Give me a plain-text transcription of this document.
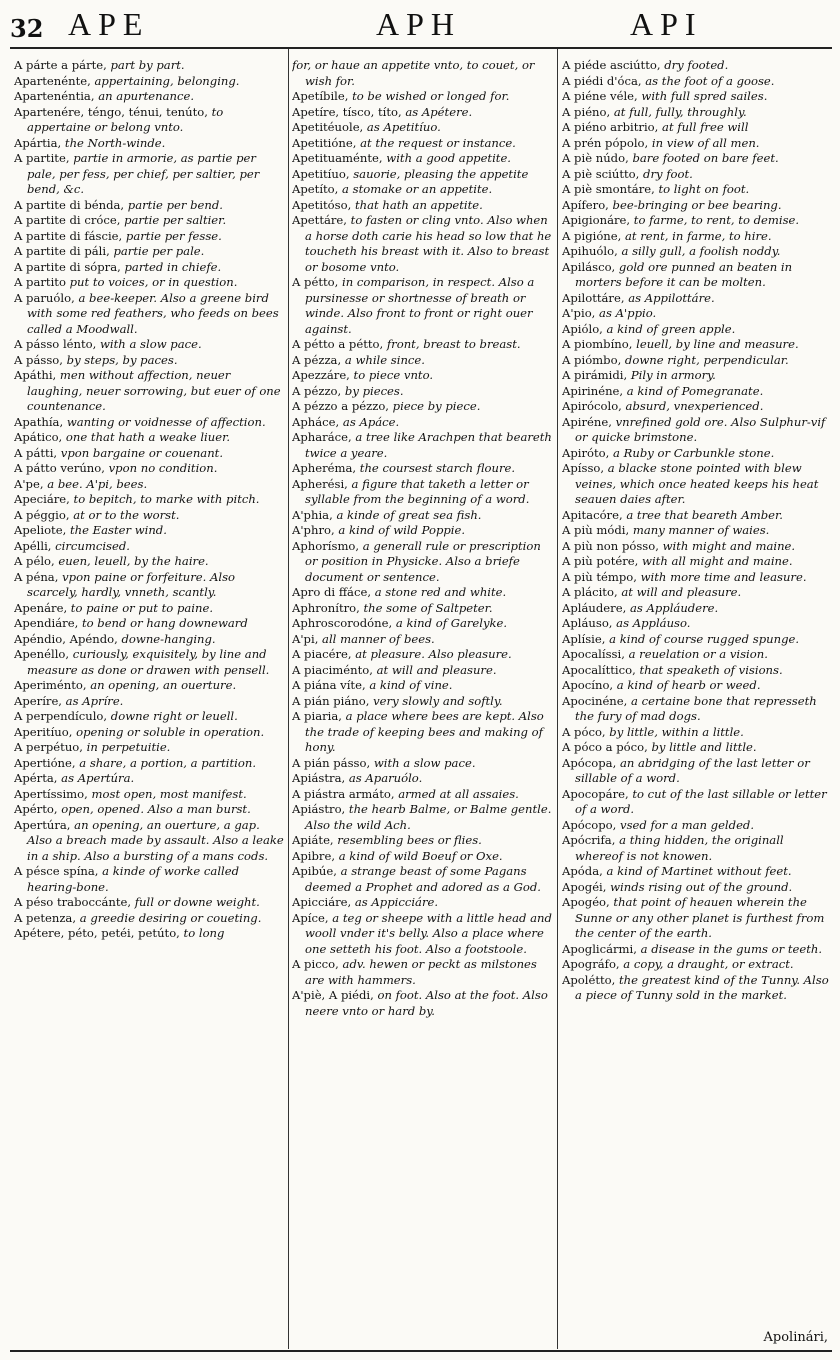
32 APE	APH	API

A párte a párte, part by part.

Apartenénte, appertaining, belonging.

Apartenéntia, an apurtenance.

Apartenére, téngo, ténui, tenúto, to appertaine or belong vnto.

Apártia, the North-winde.

A partite, partie in armorie, as partie per pale, per fess, per chief, per saltier, per bend, &c.

A partite di bénda, partie per bend.

A partite di cróce, partie per saltier.

A partite di fáscie, partie per fesse.

A partite di páli, partie per pale.

A partite di sópra, parted in chiefe.

A partito put to voices, or in question.

A paruólo, a bee-keeper. Also a greene bird with some red feathers, who feeds on bees called a Moodwall.

A pásso lénto, with a slow pace.

A pásso, by steps, by paces.

Apáthi, men without affection, neuer laughing, neuer sorrowing, but euer of one countenance.

Apathía, wanting or voidnesse of affection.

Apático, one that hath a weake liuer.

A pátti, vpon bargaine or couenant.

A pátto verúno, vpon no condition.

A'pe, a bee. A'pi, bees.

Apeciáre, to bepitch, to marke with pitch.

A péggio, at or to the worst.

Apeliote, the Easter wind.

Apélli, circumcised.

A pélo, euen, leuell, by the haire.

A péna, vpon paine or forfeiture. Also scarcely, hardly, vnneth, scantly.

Apenáre, to paine or put to paine.

Apendiáre, to bend or hang downeward

Apéndio, Apéndo, downe-hanging.

Apenéllo, curiously, exquisitely, by line and measure as done or drawen with pensell.

Aperiménto, an opening, an ouerture.

Aperíre, as Apríre.

A perpendículo, downe right or leuell.

Aperitíuo, opening or soluble in operation.

A perpétuo, in perpetuitie.

Apertióne, a share, a portion, a partition.

Apérta, as Apertúra.

Apertíssimo, most open, most manifest.

Apérto, open, opened. Also a man burst.

Apertúra, an opening, an ouerture, a gap. Also a breach made by assault. Also a leake in a ship. Also a bursting of a mans cods.

A pésce spína, a kinde of worke called hearing-bone.

A péso traboccánte, full or downe weight.

A petenza, a greedie desiring or coueting.

Apétere, péto, petéi, petúto, to long

for, or haue an appetite vnto, to couet, or wish for.

Apetíbile, to be wished or longed for.

Apetíre, tísco, títo, as Apétere.

Apetitéuole, as Apetitíuo.

Apetitióne, at the request or instance.

Apetituaménte, with a good appetite.

Apetitíuo, sauorie, pleasing the appetite

Apetíto, a stomake or an appetite.

Apetitóso, that hath an appetite.

Apettáre, to fasten or cling vnto. Also when a horse doth carie his head so low that he toucheth his breast with it. Also to breast or bosome vnto.

A pétto, in comparison, in respect. Also a pursinesse or shortnesse of breath or winde. Also front to front or right ouer against.

A pétto a pétto, front, breast to breast.

A pézza, a while since.

Apezzáre, to piece vnto.

A pézzo, by pieces.

A pézzo a pézzo, piece by piece.

Apháce, as Apáce.

Apharáce, a tree like Arachpen that beareth twice a yeare.

Apheréma, the coursest starch floure.

Apherési, a figure that taketh a letter or syllable from the beginning of a word.

A'phia, a kinde of great sea fish.

A'phro, a kind of wild Poppie.

Aphorísmo, a generall rule or prescription or position in Physicke. Also a briefe document or sentence.

Apro di ffáce, a stone red and white.

Aphronítro, the some of Saltpeter.

Aphroscorodóne, a kind of Garelyke.

A'pi, all manner of bees.

A piacére, at pleasure. Also pleasure.

A piaciménto, at will and pleasure.

A piána víte, a kind of vine.

A pián piáno, very slowly and softly.

A piaria, a place where bees are kept. Also the trade of keeping bees and making of hony.

A pián pásso, with a slow pace.

Apiástra, as Aparuólo.

A piástra armáto, armed at all assaies.

Apiástro, the hearb Balme, or Balme gentle. Also the wild Ach.

Apiáte, resembling bees or flies.

Apibre, a kind of wild Boeuf or Oxe.

Apibúe, a strange beast of some Pagans deemed a Prophet and adored as a God.

Apicciáre, as Appicciáre.

Apíce, a teg or sheepe with a little head and wooll vnder it's belly. Also a place where one setteth his foot. Also a footstoole.

A picco, adv. hewen or peckt as milstones are with hammers.

A'piè, A piédi, on foot. Also at the foot. Also neere vnto or hard by.

A piéde asciútto, dry footed.

A piédi d'óca, as the foot of a goose.

A piéne véle, with full spred sailes.

A piéno, at full, fully, throughly.

A piéno arbitrio, at full free will

A prén pópolo, in view of all men.

A piè núdo, bare footed on bare feet.

A piè sciútto, dry foot.

A piè smontáre, to light on foot.

Apífero, bee-bringing or bee bearing.

Apigionáre, to farme, to rent, to demise.

A pigióne, at rent, in farme, to hire.

Apihuólo, a silly gull, a foolish noddy.

Apilásco, gold ore punned an beaten in morters before it can be molten.

Apilottáre, as Appilottáre.

A'pio, as A'ppio.

Apiólo, a kind of green apple.

A piombíno, leuell, by line and measure.

A piómbo, downe right, perpendicular.

A pirámidi, Pily in armory.

Apirinéne, a kind of Pomegranate.

Apirócolo, absurd, vnexperienced.

Apiréne, vnrefined gold ore. Also Sulphur-vif or quicke brimstone.

Apiróto, a Ruby or Carbunkle stone.

Apísso, a blacke stone pointed with blew veines, which once heated keeps his heat seauen daies after.

Apitacóre, a tree that beareth Amber.

A più módi, many manner of waies.

A più non pósso, with might and maine.

A più potére, with all might and maine.

A più témpo, with more time and leasure.

A plácito, at will and pleasure.

Apláudere, as Appláudere.

Apláuso, as Appláuso.

Aplísie, a kind of course rugged spunge.

Apocalíssi, a reuelation or a vision.

Apocalíttico, that speaketh of visions.

Apocíno, a kind of hearb or weed.

Apocinéne, a certaine bone that represseth the fury of mad dogs.

A póco, by little, within a little.

A póco a póco, by little and little.

Apócopa, an abridging of the last letter or sillable of a word.

Apocopáre, to cut of the last sillable or letter of a word.

Apócopo, vsed for a man gelded.

Apócrifa, a thing hidden, the originall whereof is not knowen.

Apóda, a kind of Martinet without feet.

Apogéi, winds rising out of the ground.

Apogéo, that point of heauen wherein the Sunne or any other planet is furthest from the center of the earth.

Apoglicármi, a disease in the gums or teeth.

Apográfo, a copy, a draught, or extract.

Apolétto, the greatest kind of the Tunny. Also a piece of Tunny sold in the market.

Apolinári,
